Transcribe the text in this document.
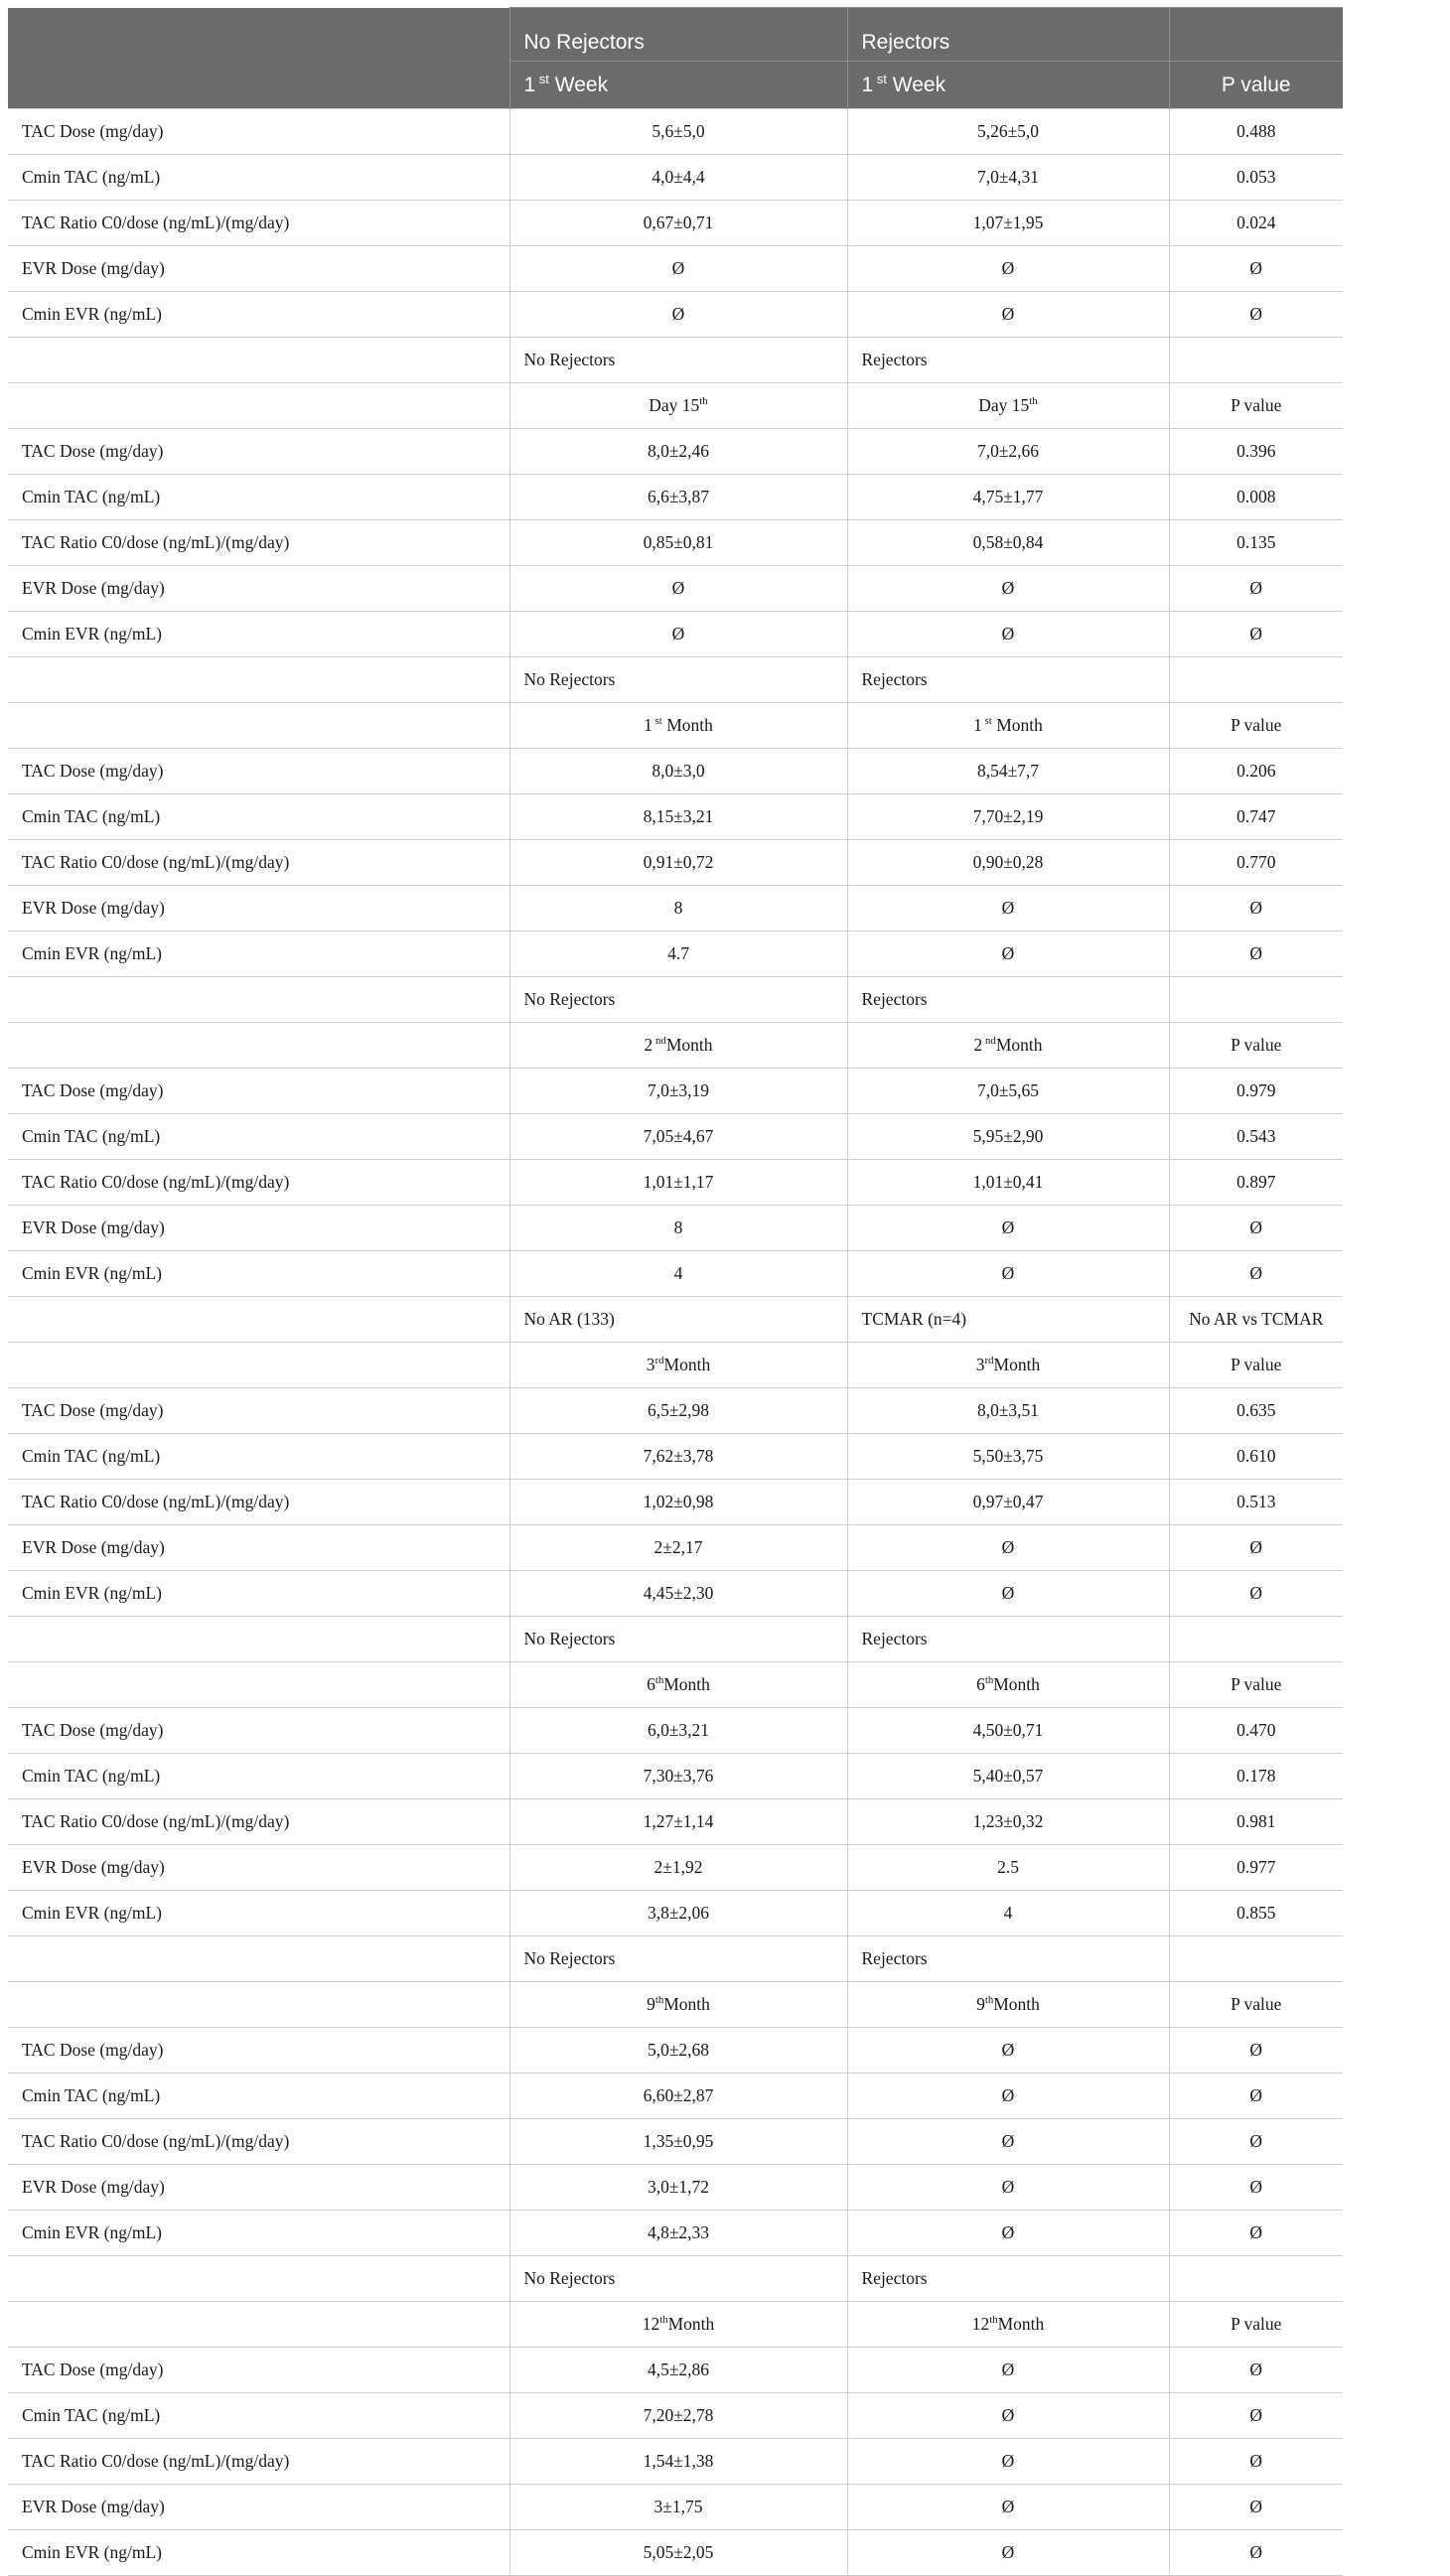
	No Rejectors	Rejectors	
	1 $^{st}$ Week	1 $^{st}$ Week	P value
TAC Dose (mg/day)	5,6±5,0	5,26±5,0	0.488
Cmin TAC (ng/mL)	4,0±4,4	7,0±4,31	0.053
TAC Ratio C0/dose (ng/mL)/(mg/day)	0,67±0,71	1,07±1,95	0.024
EVR Dose (mg/day)	Ø	Ø	Ø
Cmin EVR (ng/mL)	Ø	Ø	Ø
	No Rejectors	Rejectors	
	Day 15th	Day 15th	P value
TAC Dose (mg/day)	8,0±2,46	7,0±2,66	0.396
Cmin TAC (ng/mL)	6,6±3,87	4,75±1,77	0.008
TAC Ratio C0/dose (ng/mL)/(mg/day)	0,85±0,81	0,58±0,84	0.135
EVR Dose (mg/day)	Ø	Ø	Ø
Cmin EVR (ng/mL)	Ø	Ø	Ø
	No Rejectors	Rejectors	
	1 $^{st}$ Month	1 $^{st}$ Month	P value
TAC Dose (mg/day)	8,0±3,0	8,54±7,7	0.206
Cmin TAC (ng/mL)	8,15±3,21	7,70±2,19	0.747
TAC Ratio C0/dose (ng/mL)/(mg/day)	0,91±0,72	0,90±0,28	0.770
EVR Dose (mg/day)	8	Ø	Ø
Cmin EVR (ng/mL)	4.7	Ø	Ø
	No Rejectors	Rejectors	
	2 $^{nd}$Month	2 $^{nd}$Month	P value
TAC Dose (mg/day)	7,0±3,19	7,0±5,65	0.979
Cmin TAC (ng/mL)	7,05±4,67	5,95±2,90	0.543
TAC Ratio C0/dose (ng/mL)/(mg/day)	1,01±1,17	1,01±0,41	0.897
EVR Dose (mg/day)	8	Ø	Ø
Cmin EVR (ng/mL)	4	Ø	Ø
	No AR (133)	TCMAR (n=4)	No AR vs TCMAR
	3rdMonth	3rdMonth	P value
TAC Dose (mg/day)	6,5±2,98	8,0±3,51	0.635
Cmin TAC (ng/mL)	7,62±3,78	5,50±3,75	0.610
TAC Ratio C0/dose (ng/mL)/(mg/day)	1,02±0,98	0,97±0,47	0.513
EVR Dose (mg/day)	2±2,17	Ø	Ø
Cmin EVR (ng/mL)	4,45±2,30	Ø	Ø
	No Rejectors	Rejectors	
	6thMonth	6thMonth	P value
TAC Dose (mg/day)	6,0±3,21	4,50±0,71	0.470
Cmin TAC (ng/mL)	7,30±3,76	5,40±0,57	0.178
TAC Ratio C0/dose (ng/mL)/(mg/day)	1,27±1,14	1,23±0,32	0.981
EVR Dose (mg/day)	2±1,92	2.5	0.977
Cmin EVR (ng/mL)	3,8±2,06	4	0.855
	No Rejectors	Rejectors	
	9thMonth	9thMonth	P value
TAC Dose (mg/day)	5,0±2,68	Ø	Ø
Cmin TAC (ng/mL)	6,60±2,87	Ø	Ø
TAC Ratio C0/dose (ng/mL)/(mg/day)	1,35±0,95	Ø	Ø
EVR Dose (mg/day)	3,0±1,72	Ø	Ø
Cmin EVR (ng/mL)	4,8±2,33	Ø	Ø
	No Rejectors	Rejectors	
	12thMonth	12thMonth	P value
TAC Dose (mg/day)	4,5±2,86	Ø	Ø
Cmin TAC (ng/mL)	7,20±2,78	Ø	Ø
TAC Ratio C0/dose (ng/mL)/(mg/day)	1,54±1,38	Ø	Ø
EVR Dose (mg/day)	3±1,75	Ø	Ø
Cmin EVR (ng/mL)	5,05±2,05	Ø	Ø
